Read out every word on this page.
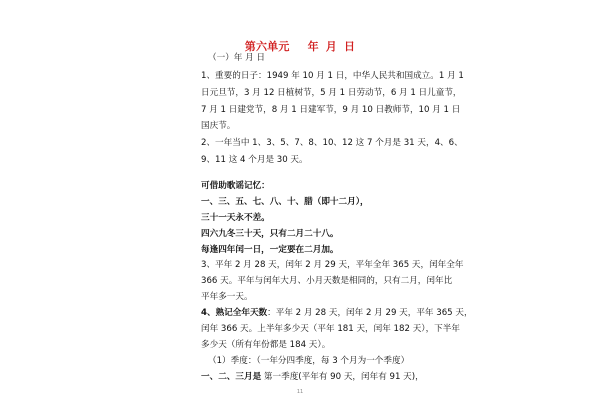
第六单元 年 月 日
（一）年 月 日
1、重要的日子：1949 年 10 月 1 日，中华人民共和国成立。1 月 1
日元旦节，3 月 12 日植树节，5 月 1 日劳动节，6 月 1 日儿童节，
7 月 1 日建党节，8 月 1 日建军节，9 月 10 日教师节，10 月 1 日
国庆节。
2、一年当中 1、3、5、7、8、10、12 这 7 个月是 31 天，4、6、
9、11 这 4 个月是 30 天。
可借助歌谣记忆：
一、三、五、七、八、十、腊（即十二月），
三十一天永不差。
四六九冬三十天，只有二月二十八。
每逢四年闰一日，一定要在二月加。
3、平年 2 月 28 天，闰年 2 月 29 天，平年全年 365 天，闰年全年
366 天。平年与闰年大月、小月天数是相同的，只有二月，闰年比
平年多一天。
4、熟记全年天数：平年 2 月 28 天，闰年 2 月 29 天，平年 365 天，
闰年 366 天。上半年多少天（平年 181 天，闰年 182 天），下半年
多少天（所有年份都是 184 天）。
（1）季度：（一年分四季度，每 3 个月为一个季度）
一、二、三月是 第一季度(平年有 90 天，闰年有 91 天)，
11
